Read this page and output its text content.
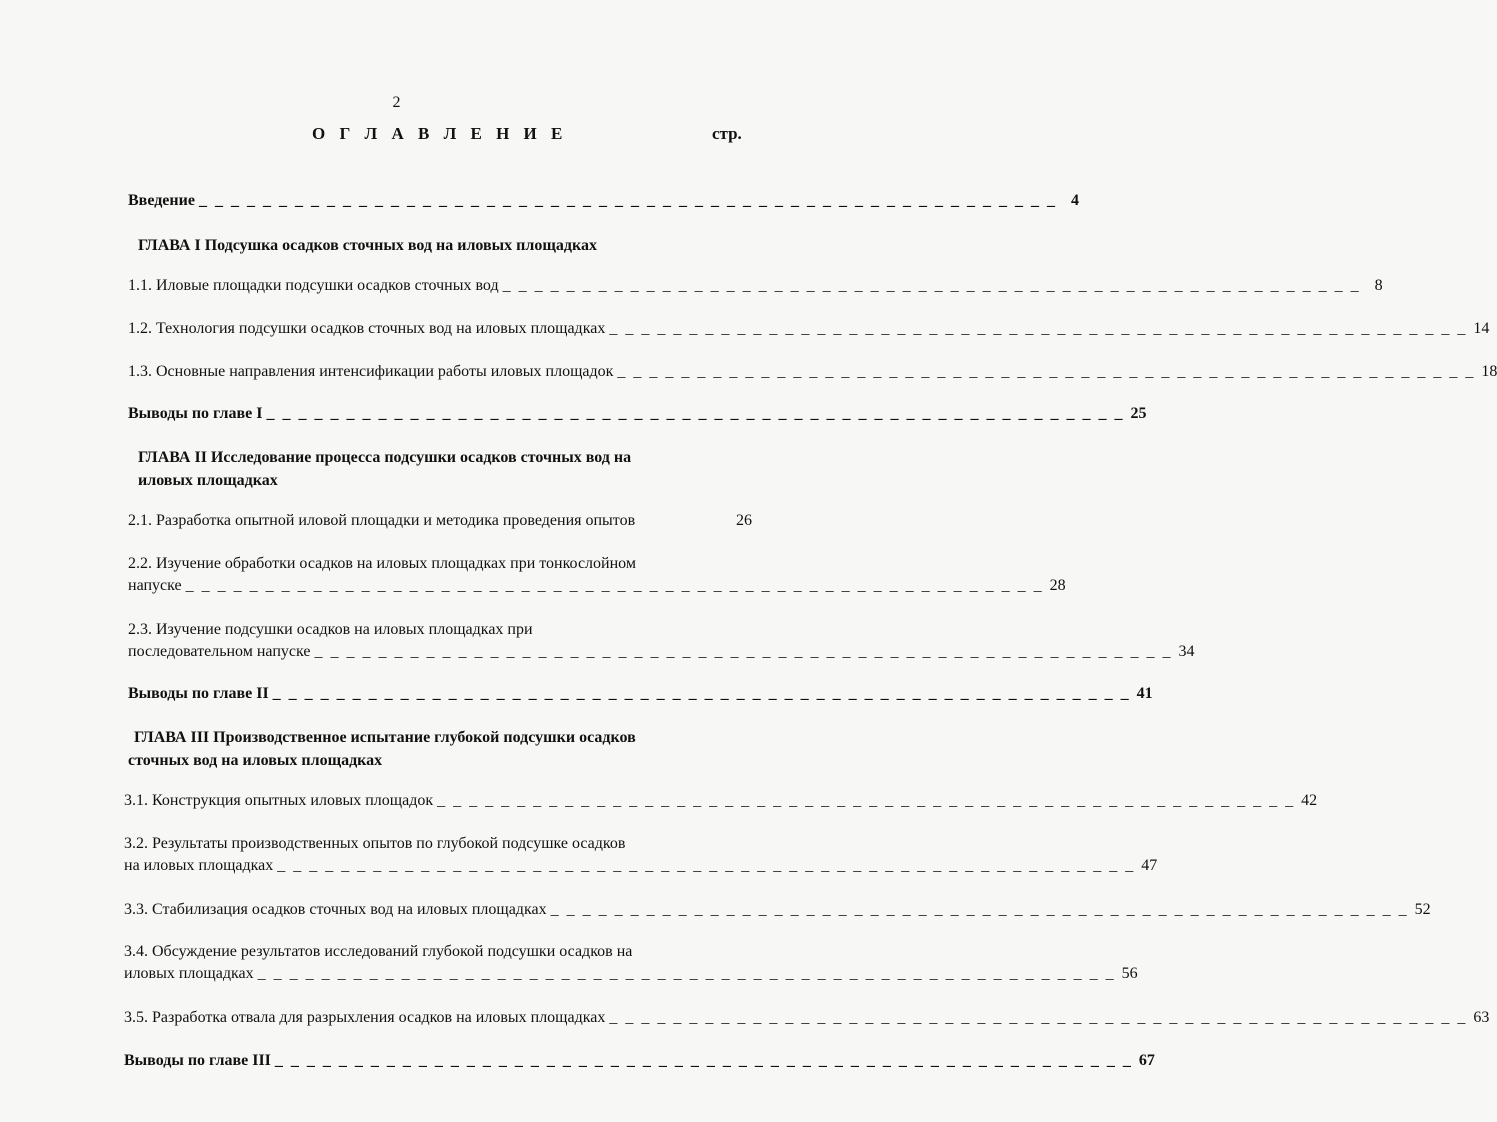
2
О Г Л А В Л Е Н И Е	стр.
Введение _ _ _ _ _ _ _ _ _ _ _ _ _ _ _ _ _ _ _ _ _ _ _ _ _ _ _ _ _ _ _ _ _ _ _ _ _ _ _ _ _ _ _ _ _ _ _ _ _ _ _ _ _ _ 4
ГЛАВА I Подсушка осадков сточных вод на иловых площадках
1.1. Иловые площадки подсушки осадков сточных вод _ _ _ _ _ _ _ _ _ _ _ _ _ _ _ _ _ _ _ _ _ _ _ _ _ _ _ _ _ _ _ _ _ _ _ _ _ _ _ _ _ _ _ _ _ _ _ _ _ _ _ _ _ _ 8
1.2. Технология подсушки осадков сточных вод на иловых площадках _ _ _ _ _ _ _ _ _ _ _ _ _ _ _ _ _ _ _ _ _ _ _ _ _ _ _ _ _ _ _ _ _ _ _ _ _ _ _ _ _ _ _ _ _ _ _ _ _ _ _ _ _ _ 14
1.3. Основные направления интенсификации работы иловых площадок _ _ _ _ _ _ _ _ _ _ _ _ _ _ _ _ _ _ _ _ _ _ _ _ _ _ _ _ _ _ _ _ _ _ _ _ _ _ _ _ _ _ _ _ _ _ _ _ _ _ _ _ _ _ 18
Выводы по главе I _ _ _ _ _ _ _ _ _ _ _ _ _ _ _ _ _ _ _ _ _ _ _ _ _ _ _ _ _ _ _ _ _ _ _ _ _ _ _ _ _ _ _ _ _ _ _ _ _ _ _ _ _ _ 25
ГЛАВА II Исследование процесса подсушки осадков сточных вод на
иловых площадках
2.1. Разработка опытной иловой площадки и методика проведения опытов	26
2.2. Изучение обработки осадков на иловых площадках при тонкослойном
напуске _ _ _ _ _ _ _ _ _ _ _ _ _ _ _ _ _ _ _ _ _ _ _ _ _ _ _ _ _ _ _ _ _ _ _ _ _ _ _ _ _ _ _ _ _ _ _ _ _ _ _ _ _ _ 28
2.3. Изучение подсушки осадков на иловых площадках при
последовательном напуске _ _ _ _ _ _ _ _ _ _ _ _ _ _ _ _ _ _ _ _ _ _ _ _ _ _ _ _ _ _ _ _ _ _ _ _ _ _ _ _ _ _ _ _ _ _ _ _ _ _ _ _ _ _ 34
Выводы по главе II _ _ _ _ _ _ _ _ _ _ _ _ _ _ _ _ _ _ _ _ _ _ _ _ _ _ _ _ _ _ _ _ _ _ _ _ _ _ _ _ _ _ _ _ _ _ _ _ _ _ _ _ _ _ 41
ГЛАВА III Производственное испытание глубокой подсушки осадков
сточных вод на иловых площадках
3.1. Конструкция опытных иловых площадок _ _ _ _ _ _ _ _ _ _ _ _ _ _ _ _ _ _ _ _ _ _ _ _ _ _ _ _ _ _ _ _ _ _ _ _ _ _ _ _ _ _ _ _ _ _ _ _ _ _ _ _ _ _ 42
3.2. Результаты производственных опытов по глубокой подсушке осадков
на иловых площадках _ _ _ _ _ _ _ _ _ _ _ _ _ _ _ _ _ _ _ _ _ _ _ _ _ _ _ _ _ _ _ _ _ _ _ _ _ _ _ _ _ _ _ _ _ _ _ _ _ _ _ _ _ _ 47
3.3. Стабилизация осадков сточных вод на иловых площадках _ _ _ _ _ _ _ _ _ _ _ _ _ _ _ _ _ _ _ _ _ _ _ _ _ _ _ _ _ _ _ _ _ _ _ _ _ _ _ _ _ _ _ _ _ _ _ _ _ _ _ _ _ _ 52
3.4. Обсуждение результатов исследований глубокой подсушки осадков на
иловых площадках _ _ _ _ _ _ _ _ _ _ _ _ _ _ _ _ _ _ _ _ _ _ _ _ _ _ _ _ _ _ _ _ _ _ _ _ _ _ _ _ _ _ _ _ _ _ _ _ _ _ _ _ _ _ 56
3.5. Разработка отвала для разрыхления осадков на иловых площадках _ _ _ _ _ _ _ _ _ _ _ _ _ _ _ _ _ _ _ _ _ _ _ _ _ _ _ _ _ _ _ _ _ _ _ _ _ _ _ _ _ _ _ _ _ _ _ _ _ _ _ _ _ _ 63
Выводы по главе III _ _ _ _ _ _ _ _ _ _ _ _ _ _ _ _ _ _ _ _ _ _ _ _ _ _ _ _ _ _ _ _ _ _ _ _ _ _ _ _ _ _ _ _ _ _ _ _ _ _ _ _ _ _ 67
